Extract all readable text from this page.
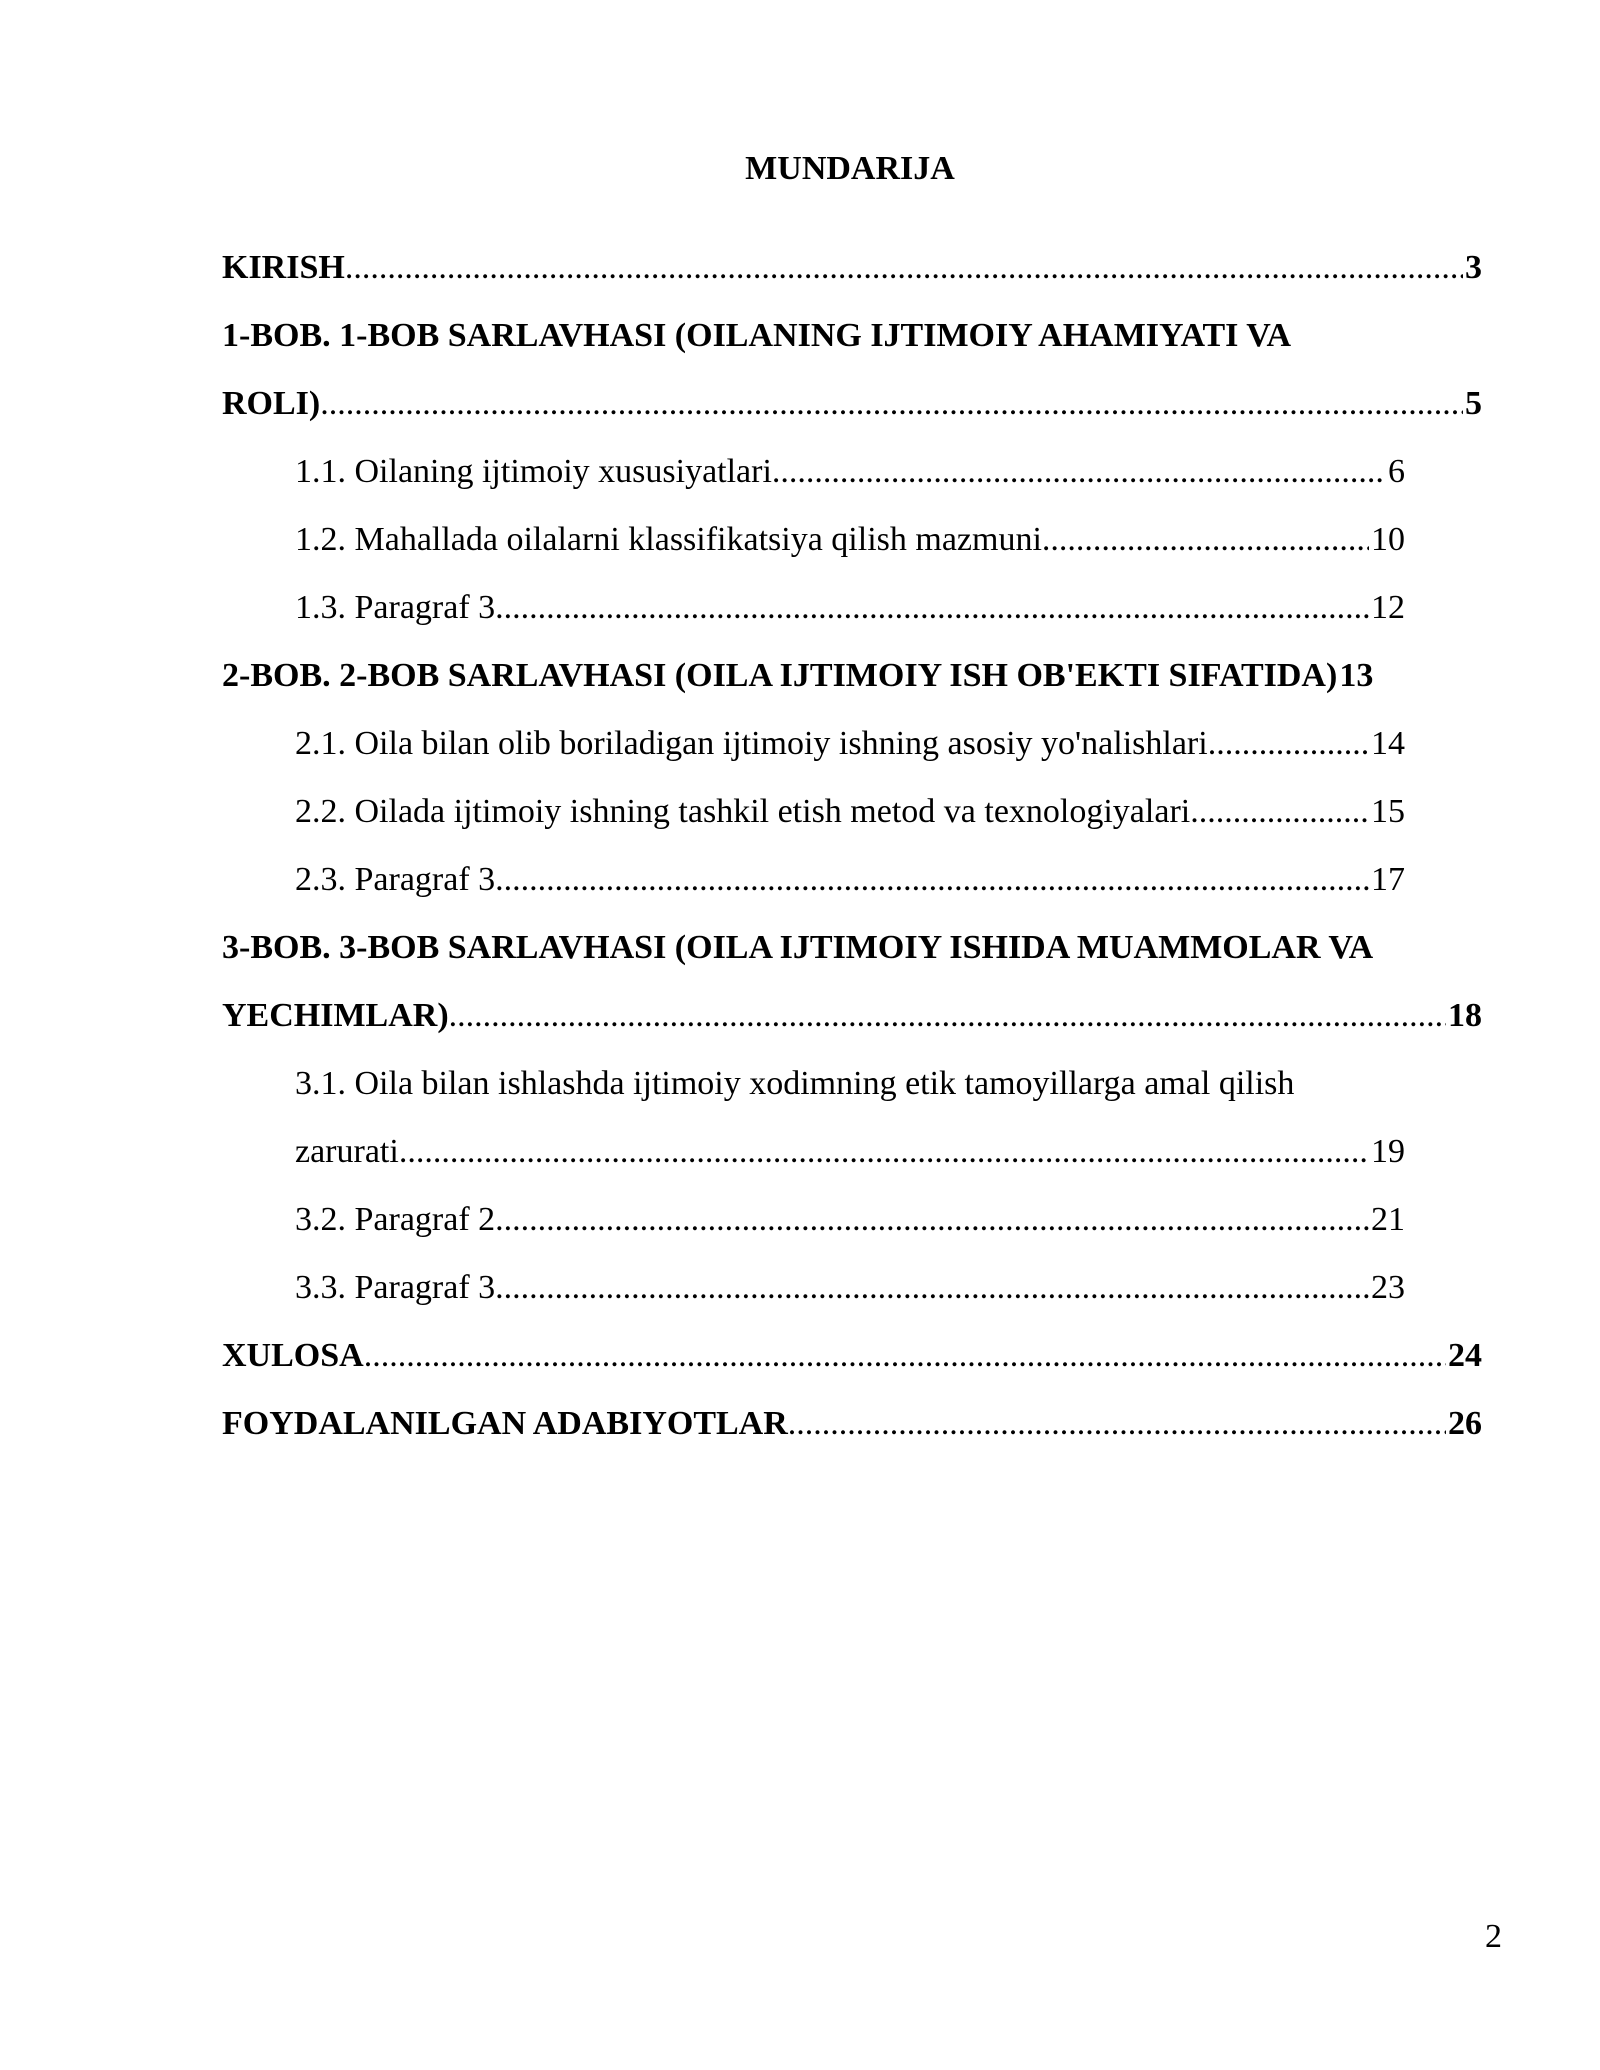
MUNDARIJA
KIRISH .....	3
1-BOB. 1-BOB SARLAVHASI (OILANING IJTIMOIY AHAMIYATI VA
ROLI) .....	5
1.1. Oilaning ijtimoiy xususiyatlari .....	6
1.2. Mahallada oilalarni klassifikatsiya qilish mazmuni .....	10
1.3. Paragraf 3 .....	12
2-BOB. 2-BOB SARLAVHASI (OILA IJTIMOIY ISH OB'EKTI SIFATIDA) 13
2.1. Oila bilan olib boriladigan ijtimoiy ishning asosiy yo'nalishlari .....	14
2.2. Oilada ijtimoiy ishning tashkil etish metod va texnologiyalari .....	15
2.3. Paragraf 3 .....	17
3-BOB. 3-BOB SARLAVHASI (OILA IJTIMOIY ISHIDA MUAMMOLAR VA
YECHIMLAR) .....	18
3.1. Oila bilan ishlashda ijtimoiy xodimning etik tamoyillarga amal qilish
zarurati .....	19
3.2. Paragraf 2 .....	21
3.3. Paragraf 3 .....	23
XULOSA .....	24
FOYDALANILGAN ADABIYOTLAR .....	26
2
